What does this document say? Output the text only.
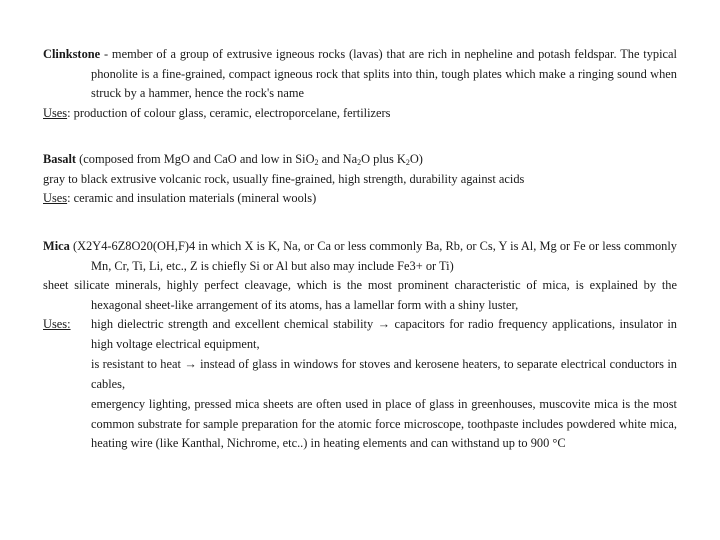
Clinkstone - member of a group of extrusive igneous rocks (lavas) that are rich in nepheline and potash feldspar. The typical phonolite is a fine-grained, compact igneous rock that splits into thin, tough plates which make a ringing sound when struck by a hammer, hence the rock's name
Uses: production of colour glass, ceramic, electroporcelane, fertilizers
Basalt (composed from MgO and CaO and low in SiO$_2$ and $Na_2O$ plus $K_2O$)
gray to black extrusive volcanic rock, usually fine-grained, high strength, durability against acids
Uses: ceramic and insulation materials (mineral wools)
Mica (X2Y4-6Z8O20(OH,F)4 in which X is K, Na, or Ca or less commonly Ba, Rb, or Cs, Y is Al, Mg or Fe or less commonly Mn, Cr, Ti, Li, etc., Z is chiefly Si or Al but also may include Fe3+ or Ti)
sheet silicate minerals, highly perfect cleavage, which is the most prominent characteristic of mica, is explained by the hexagonal sheet-like arrangement of its atoms, has a lamellar form with a shiny luster,
Uses:	high dielectric strength and excellent chemical stability → capacitors for radio frequency applications, insulator in high voltage electrical equipment,
is resistant to heat → instead of glass in windows for stoves and kerosene heaters, to separate electrical conductors in cables,
emergency lighting, pressed mica sheets are often used in place of glass in greenhouses, muscovite mica is the most common substrate for sample preparation for the atomic force microscope, toothpaste includes powdered white mica, heating wire (like Kanthal, Nichrome, etc..) in heating elements and can withstand up to 900 °C
